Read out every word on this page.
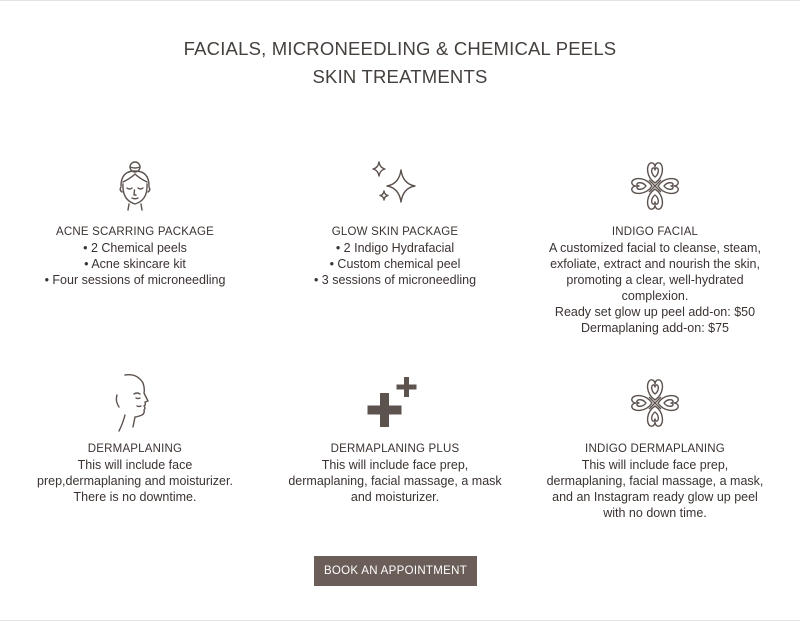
FACIALS, MICRONEEDLING & CHEMICAL PEELS
SKIN TREATMENTS
ACNE SCARRING PACKAGE
• 2 Chemical peels
• Acne skincare kit
• Four sessions of microneedling
GLOW SKIN PACKAGE
• 2 Indigo Hydrafacial
• Custom chemical peel
• 3 sessions of microneedling
INDIGO FACIAL
A customized facial to cleanse, steam,
exfoliate, extract and nourish the skin,
promoting a clear, well-hydrated
complexion.
Ready set glow up peel add-on: $50
Dermaplaning add-on: $75
DERMAPLANING
This will include face
prep,dermaplaning and moisturizer.
There is no downtime.
DERMAPLANING PLUS
This will include face prep,
dermaplaning, facial massage, a mask
and moisturizer.
INDIGO DERMAPLANING
This will include face prep,
dermaplaning, facial massage, a mask,
and an Instagram ready glow up peel
with no down time.
BOOK AN APPOINTMENT
